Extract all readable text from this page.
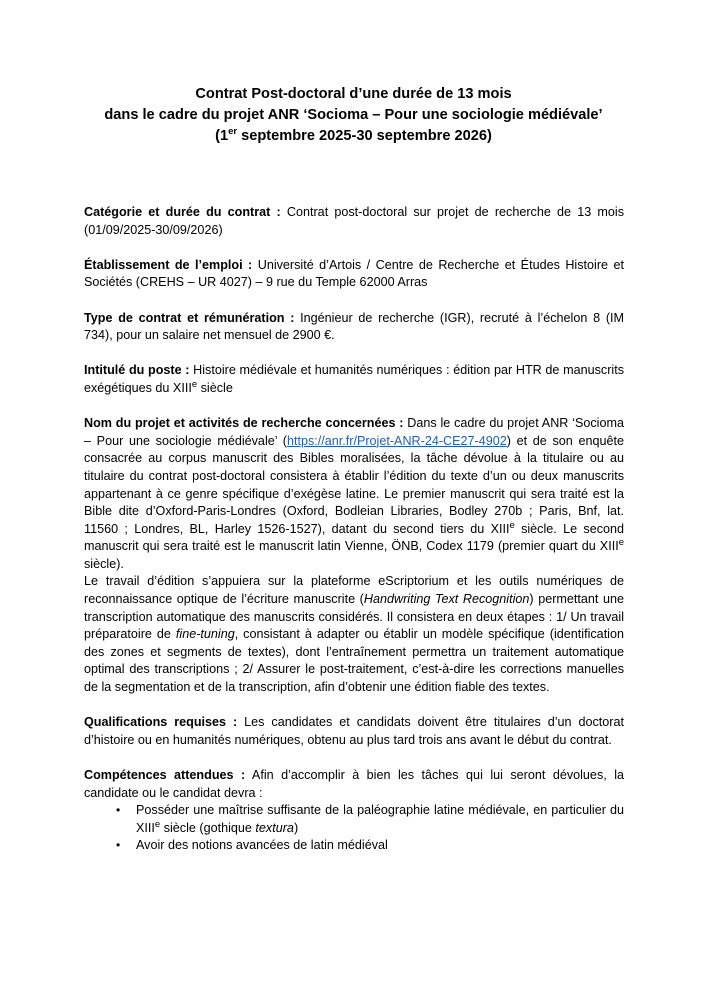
Contrat Post-doctoral d’une durée de 13 mois
dans le cadre du projet ANR ‘Socioma – Pour une sociologie médiévale’
(1er septembre 2025-30 septembre 2026)

Catégorie et durée du contrat : Contrat post-doctoral sur projet de recherche de 13 mois (01/09/2025-30/09/2026)

Établissement de l’emploi : Université d’Artois / Centre de Recherche et Études Histoire et Sociétés (CREHS – UR 4027) – 9 rue du Temple 62000 Arras

Type de contrat et rémunération : Ingénieur de recherche (IGR), recruté à l’échelon 8 (IM 734), pour un salaire net mensuel de 2900 €.

Intitulé du poste : Histoire médiévale et humanités numériques : édition par HTR de manuscrits exégétiques du XIIIe siècle

Nom du projet et activités de recherche concernées : Dans le cadre du projet ANR ‘Socioma – Pour une sociologie médiévale’ (https://anr.fr/Projet-ANR-24-CE27-4902) et de son enquête consacrée au corpus manuscrit des Bibles moralisées, la tâche dévolue à la titulaire ou au titulaire du contrat post-doctoral consistera à établir l’édition du texte d’un ou deux manuscrits appartenant à ce genre spécifique d’exégèse latine. Le premier manuscrit qui sera traité est la Bible dite d’Oxford-Paris-Londres (Oxford, Bodleian Libraries, Bodley 270b ; Paris, Bnf, lat. 11560 ; Londres, BL, Harley 1526-1527), datant du second tiers du XIIIe siècle. Le second manuscrit qui sera traité est le manuscrit latin Vienne, ÖNB, Codex 1179 (premier quart du XIIIe siècle).

Le travail d’édition s’appuiera sur la plateforme eScriptorium et les outils numériques de reconnaissance optique de l’écriture manuscrite (Handwriting Text Recognition) permettant une transcription automatique des manuscrits considérés. Il consistera en deux étapes : 1/ Un travail préparatoire de fine-tuning, consistant à adapter ou établir un modèle spécifique (identification des zones et segments de textes), dont l’entraînement permettra un traitement automatique optimal des transcriptions ; 2/ Assurer le post-traitement, c’est-à-dire les corrections manuelles de la segmentation et de la transcription, afin d’obtenir une édition fiable des textes.

Qualifications requises : Les candidates et candidats doivent être titulaires d’un doctorat d’histoire ou en humanités numériques, obtenu au plus tard trois ans avant le début du contrat.

Compétences attendues : Afin d’accomplir à bien les tâches qui lui seront dévolues, la candidate ou le candidat devra :

• Posséder une maîtrise suffisante de la paléographie latine médiévale, en particulier du XIIIe siècle (gothique textura)
• Avoir des notions avancées de latin médiéval
